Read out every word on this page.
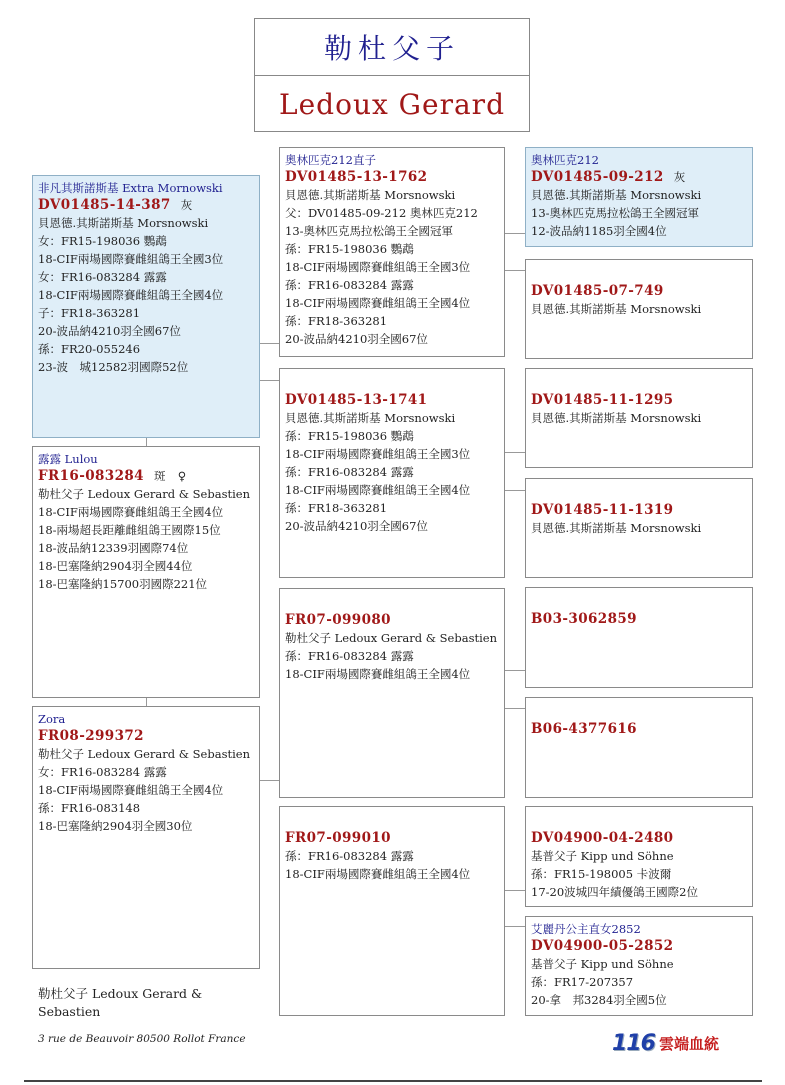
勒杜父子
Ledoux Gerard
非凡其斯諾斯基 Extra Mornowski
DV01485-14-387 灰
貝恩德.其斯諾斯基 Morsnowski
女：FR15-198036 鸚鵡
18-CIF兩場國際賽雌組鴿王全國3位
女：FR16-083284 露露
18-CIF兩場國際賽雌組鴿王全國4位
子：FR18-363281
20-波品納4210羽全國67位
孫：FR20-055246
23-波　城12582羽國際52位
露露 Lulou
FR16-083284 斑　♀
勒杜父子 Ledoux Gerard & Sebastien
18-CIF兩場國際賽雌組鴿王全國4位
18-兩場超長距離雌組鴿王國際15位
18-波品納12339羽國際74位
18-巴塞隆納2904羽全國44位
18-巴塞隆納15700羽國際221位
Zora
FR08-299372
勒杜父子 Ledoux Gerard & Sebastien
女：FR16-083284 露露
18-CIF兩場國際賽雌組鴿王全國4位
孫：FR16-083148
18-巴塞隆納2904羽全國30位
奧林匹克212直子
DV01485-13-1762
貝恩德.其斯諾斯基 Morsnowski
父：DV01485-09-212 奧林匹克212
13-奧林匹克馬拉松鴿王全國冠軍
孫：FR15-198036 鸚鵡
18-CIF兩場國際賽雌組鴿王全國3位
孫：FR16-083284 露露
18-CIF兩場國際賽雌組鴿王全國4位
孫：FR18-363281
20-波品納4210羽全國67位
DV01485-13-1741
貝恩德.其斯諾斯基 Morsnowski
孫：FR15-198036 鸚鵡
18-CIF兩場國際賽雌組鴿王全國3位
孫：FR16-083284 露露
18-CIF兩場國際賽雌組鴿王全國4位
孫：FR18-363281
20-波品納4210羽全國67位
FR07-099080
勒杜父子 Ledoux Gerard & Sebastien
孫：FR16-083284 露露
18-CIF兩場國際賽雌組鴿王全國4位
FR07-099010
孫：FR16-083284 露露
18-CIF兩場國際賽雌組鴿王全國4位
奧林匹克212
DV01485-09-212 灰
貝恩德.其斯諾斯基 Morsnowski
13-奧林匹克馬拉松鴿王全國冠軍
12-波品納1185羽全國4位
DV01485-07-749
貝恩德.其斯諾斯基 Morsnowski
DV01485-11-1295
貝恩德.其斯諾斯基 Morsnowski
DV01485-11-1319
貝恩德.其斯諾斯基 Morsnowski
B03-3062859
B06-4377616
DV04900-04-2480
基普父子 Kipp und Söhne
孫：FR15-198005 卡波爾
17-20波城四年績優鴿王國際2位
艾麗丹公主直女2852
DV04900-05-2852
基普父子 Kipp und Söhne
孫：FR17-207357
20-拿　邦3284羽全國5位
勒杜父子 Ledoux Gerard & Sebastien
3 rue de Beauvoir 80500 Rollot France	116 雲端血統
